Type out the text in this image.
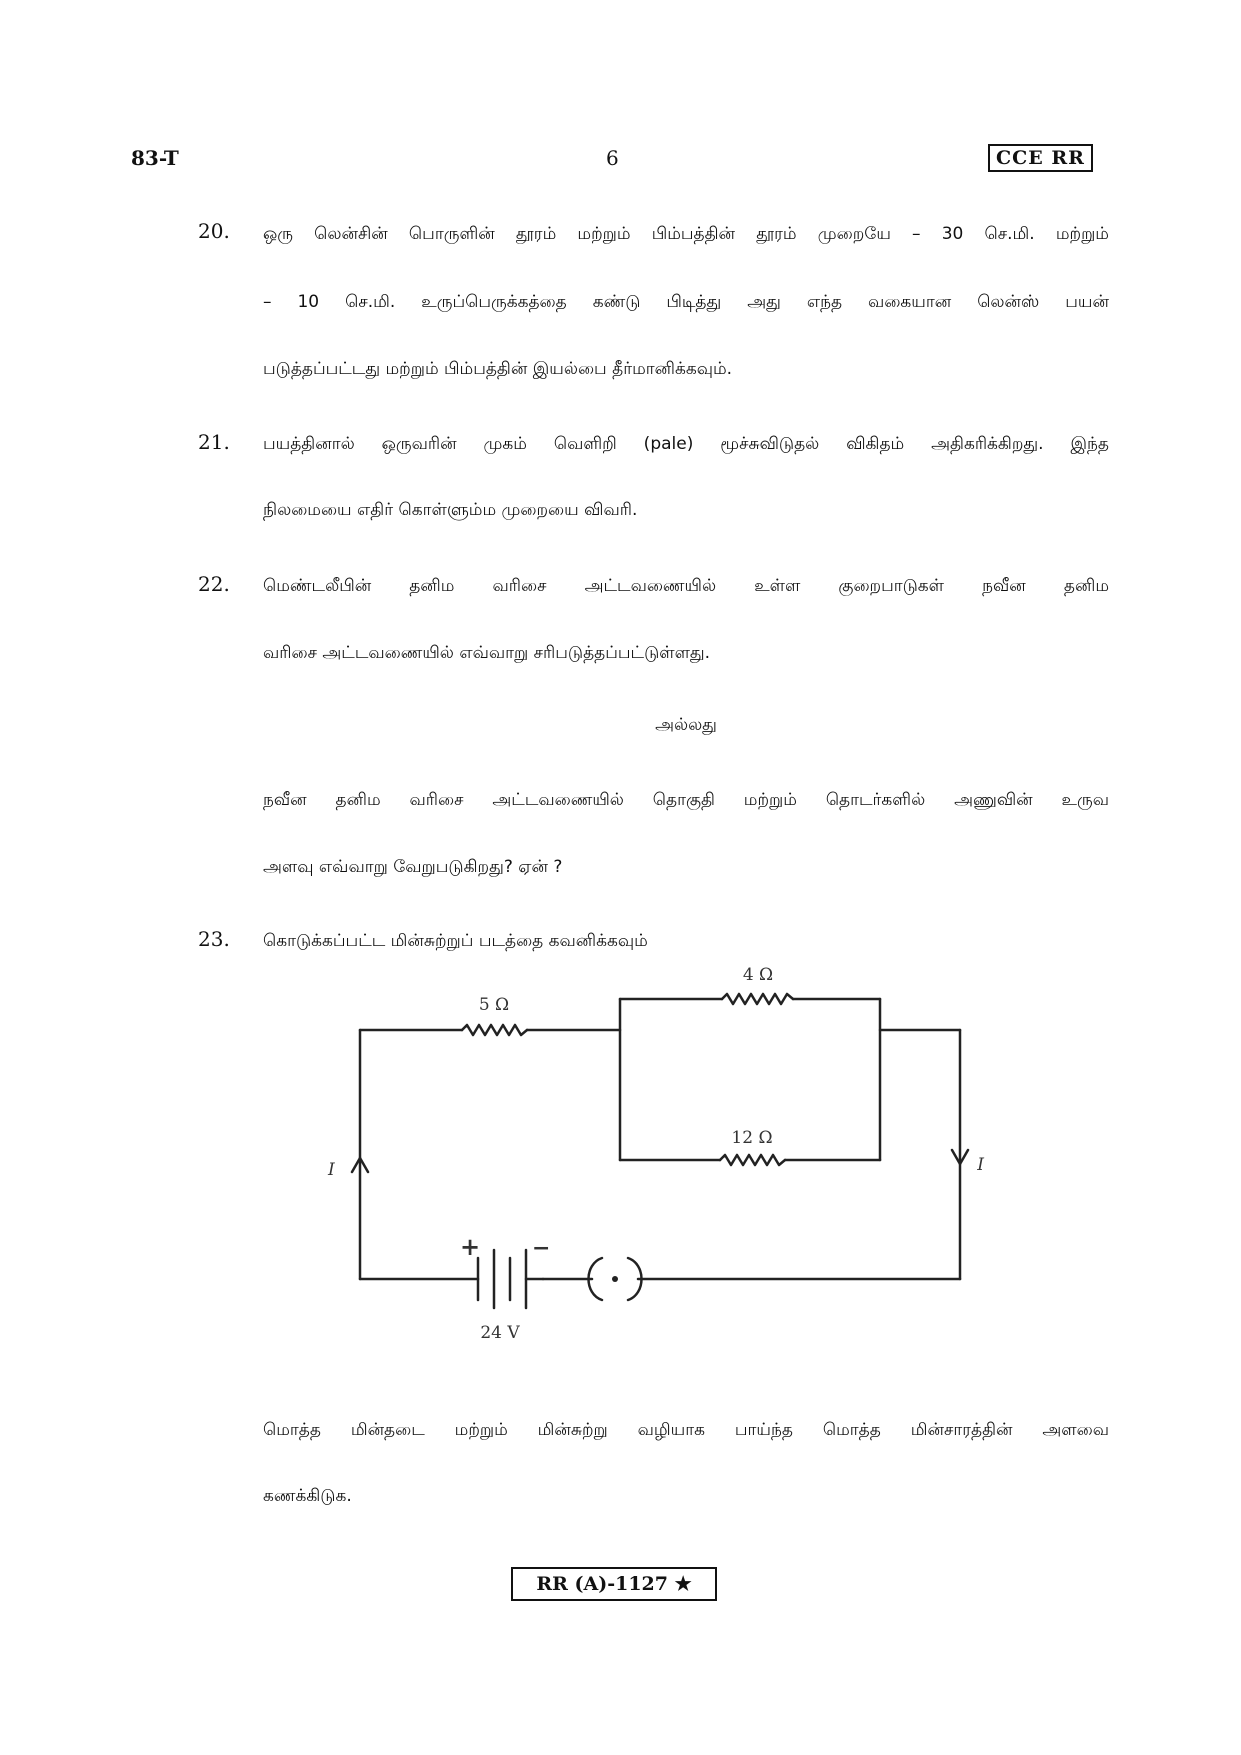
83-T	6	CCE RR
20.	ஒரு லென்சின் பொருளின் தூரம் மற்றும் பிம்பத்தின் தூரம் முறையே – 30 செ.மி. மற்றும்
– 10 செ.மி. உருப்பெருக்கத்தை கண்டு பிடித்து அது எந்த வகையான லென்ஸ் பயன்
படுத்தப்பட்டது மற்றும் பிம்பத்தின் இயல்பை தீர்மானிக்கவும்.
21.	பயத்தினால் ஒருவரின் முகம் வெளிறி (pale) மூச்சுவிடுதல் விகிதம் அதிகரிக்கிறது. இந்த
நிலமையை எதிர் கொள்ளும்ம முறையை விவரி.
22.	மெண்டலீபின் தனிம வரிசை அட்டவணையில் உள்ள குறைபாடுகள் நவீன தனிம
வரிசை அட்டவணையில் எவ்வாறு சரிபடுத்தப்பட்டுள்ளது.
அல்லது
நவீன தனிம வரிசை அட்டவணையில் தொகுதி மற்றும் தொடர்களில் அணுவின் உருவ
அளவு எவ்வாறு வேறுபடுகிறது? ஏன் ?
23.	கொடுக்கப்பட்ட மின்சுற்றுப் படத்தை கவனிக்கவும்
4 Ω
5 Ω
12 Ω
I	I
+ −
24 V
மொத்த மின்தடை மற்றும் மின்சுற்று வழியாக பாய்ந்த மொத்த மின்சாரத்தின் அளவை
கணக்கிடுக.
RR (A)-1127 ★
